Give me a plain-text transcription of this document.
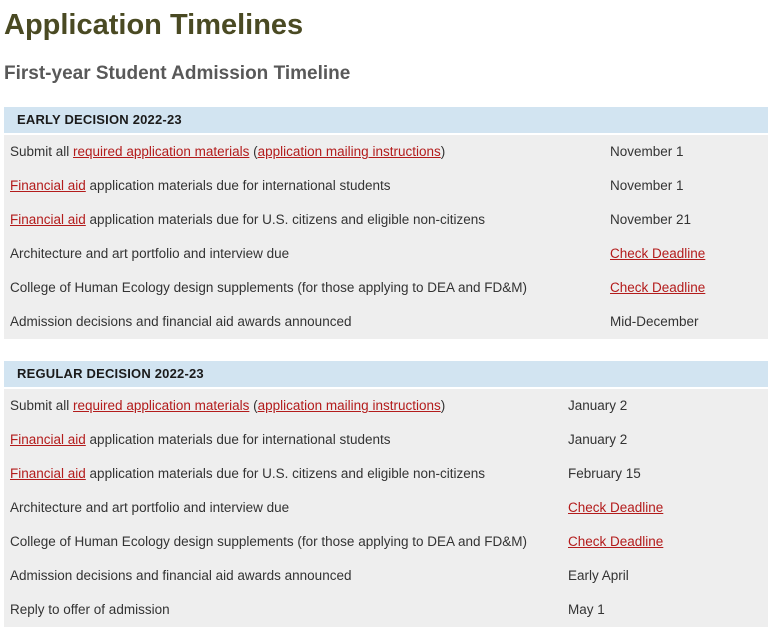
Application Timelines
First-year Student Admission Timeline
EARLY DECISION 2022-23
Submit all required application materials (application mailing instructions)	November 1
Financial aid application materials due for international students	November 1
Financial aid application materials due for U.S. citizens and eligible non-citizens	November 21
Architecture and art portfolio and interview due	Check Deadline
College of Human Ecology design supplements (for those applying to DEA and FD&M)	Check Deadline
Admission decisions and financial aid awards announced	Mid-December
REGULAR DECISION 2022-23
Submit all required application materials (application mailing instructions)	January 2
Financial aid application materials due for international students	January 2
Financial aid application materials due for U.S. citizens and eligible non-citizens	February 15
Architecture and art portfolio and interview due	Check Deadline
College of Human Ecology design supplements (for those applying to DEA and FD&M)	Check Deadline
Admission decisions and financial aid awards announced	Early April
Reply to offer of admission	May 1
